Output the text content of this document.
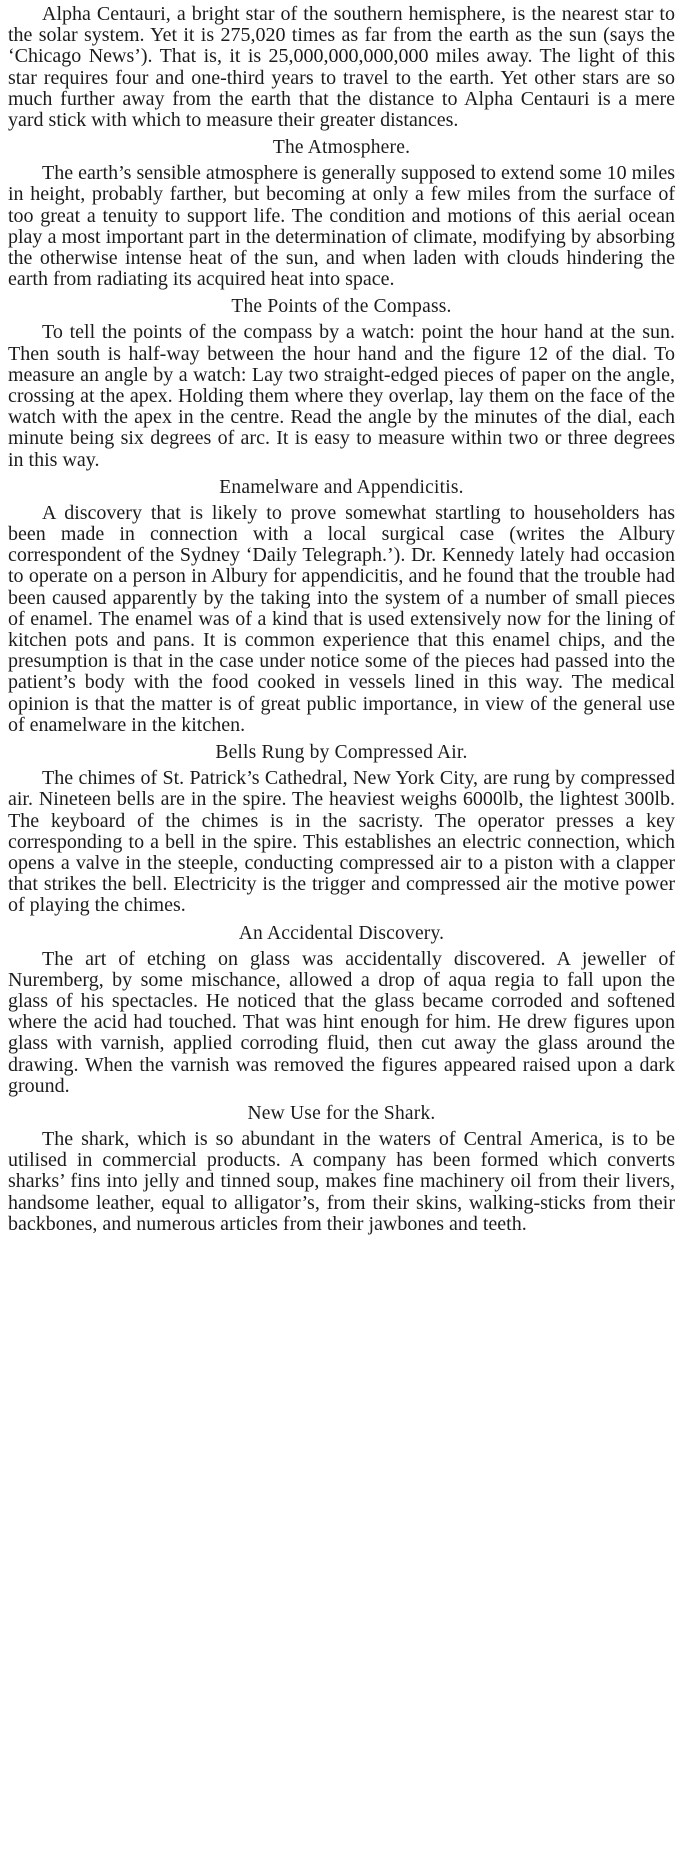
Alpha Centauri, a bright star of the southern hemisphere, is the nearest star to the solar system. Yet it is 275,020 times as far from the earth as the sun (says the ‘Chicago News’). That is, it is 25,000,000,000,000 miles away. The light of this star requires four and one-third years to travel to the earth. Yet other stars are so much further away from the earth that the distance to Alpha Centauri is a mere yard stick with which to measure their greater distances.

The Atmosphere.

The earth’s sensible atmosphere is generally supposed to extend some 10 miles in height, probably farther, but becoming at only a few miles from the surface of too great a tenuity to support life. The condition and motions of this aerial ocean play a most important part in the determination of climate, modifying by absorbing the otherwise intense heat of the sun, and when laden with clouds hindering the earth from radiating its acquired heat into space.

The Points of the Compass.

To tell the points of the compass by a watch: point the hour hand at the sun. Then south is half-way between the hour hand and the figure 12 of the dial. To measure an angle by a watch: Lay two straight-edged pieces of paper on the angle, crossing at the apex. Holding them where they overlap, lay them on the face of the watch with the apex in the centre. Read the angle by the minutes of the dial, each minute being six degrees of arc. It is easy to measure within two or three degrees in this way.

Enamelware and Appendicitis.

A discovery that is likely to prove somewhat startling to householders has been made in connection with a local surgical case (writes the Albury correspondent of the Sydney ‘Daily Telegraph.’). Dr. Kennedy lately had occasion to operate on a person in Albury for appendicitis, and he found that the trouble had been caused apparently by the taking into the system of a number of small pieces of enamel. The enamel was of a kind that is used extensively now for the lining of kitchen pots and pans. It is common experience that this enamel chips, and the presumption is that in the case under notice some of the pieces had passed into the patient’s body with the food cooked in vessels lined in this way. The medical opinion is that the matter is of great public importance, in view of the general use of enamelware in the kitchen.

Bells Rung by Compressed Air.

The chimes of St. Patrick’s Cathedral, New York City, are rung by compressed air. Nineteen bells are in the spire. The heaviest weighs 6000lb, the lightest 300lb. The keyboard of the chimes is in the sacristy. The operator presses a key corresponding to a bell in the spire. This establishes an electric connection, which opens a valve in the steeple, conducting compressed air to a piston with a clapper that strikes the bell. Electricity is the trigger and compressed air the motive power of playing the chimes.

An Accidental Discovery.

The art of etching on glass was accidentally discovered. A jeweller of Nuremberg, by some mischance, allowed a drop of aqua regia to fall upon the glass of his spectacles. He noticed that the glass became corroded and softened where the acid had touched. That was hint enough for him. He drew figures upon glass with varnish, applied corroding fluid, then cut away the glass around the drawing. When the varnish was removed the figures appeared raised upon a dark ground.

New Use for the Shark.

The shark, which is so abundant in the waters of Central America, is to be utilised in commercial products. A company has been formed which converts sharks’ fins into jelly and tinned soup, makes fine machinery oil from their livers, handsome leather, equal to alligator’s, from their skins, walking-sticks from their backbones, and numerous articles from their jawbones and teeth.
